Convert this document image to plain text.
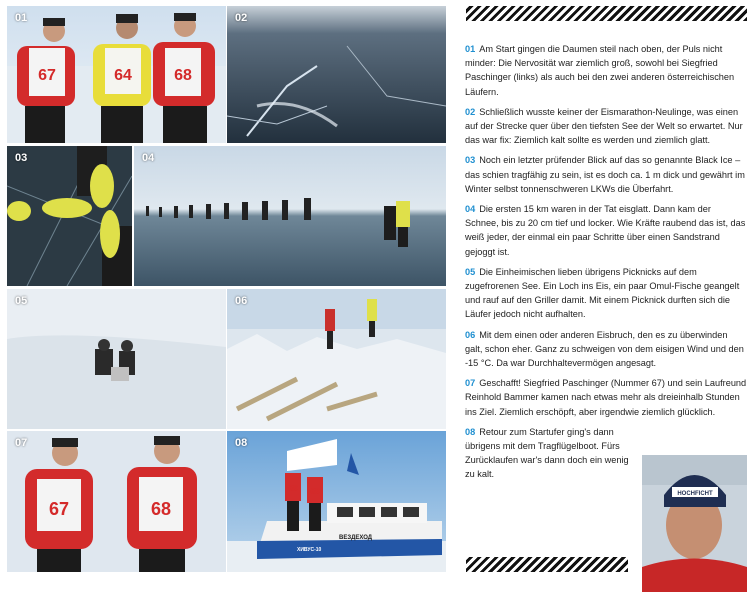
67	64	68
01	02
03	04
05	06
67	68
07
68 68
ВЕЗДЕХОД
ХИВУС-10
08
HOCHFICHT

01 Am Start gingen die Daumen steil nach oben, der Puls nicht minder: Die Nervosität war ziemlich groß, sowohl bei Siegfried Paschinger (links) als auch bei den zwei anderen österreichischen Läufern.

02 Schließlich wusste keiner der Eismarathon-Neulinge, was einen auf der Strecke quer über den tiefsten See der Welt so erwartet. Nur das war fix: Ziemlich kalt sollte es werden und ziemlich glatt.

03 Noch ein letzter prüfender Blick auf das so genannte Black Ice – das schien tragfähig zu sein, ist es doch ca. 1 m dick und gewährt im Winter selbst tonnenschweren LKWs die Überfahrt.

04 Die ersten 15 km waren in der Tat eisglatt. Dann kam der Schnee, bis zu 20 cm tief und locker. Wie Kräfte raubend das ist, das weiß jeder, der einmal ein paar Schritte über einen Sandstrand gejoggt ist.

05 Die Einheimischen lieben übrigens Picknicks auf dem zugefrorenen See. Ein Loch ins Eis, ein paar Omul-Fische geangelt und rauf auf den Griller damit. Mit einem Picknick durften sich die Läufer jedoch nicht aufhalten.

06 Mit dem einen oder anderen Eisbruch, den es zu überwinden galt, schon eher. Ganz zu schweigen von dem eisigen Wind und den -15 °C. Da war Durchhaltevermögen angesagt.

07 Geschafft! Siegfried Paschinger (Nummer 67) und sein Laufreund Reinhold Bammer kamen nach etwas mehr als dreieinhalb Stunden ins Ziel. Ziemlich erschöpft, aber irgendwie ziemlich glücklich.

08 Retour zum Startufer ging's dann übrigens mit dem Tragflügelboot. Fürs Zurücklaufen war's dann doch ein wenig zu kalt.
